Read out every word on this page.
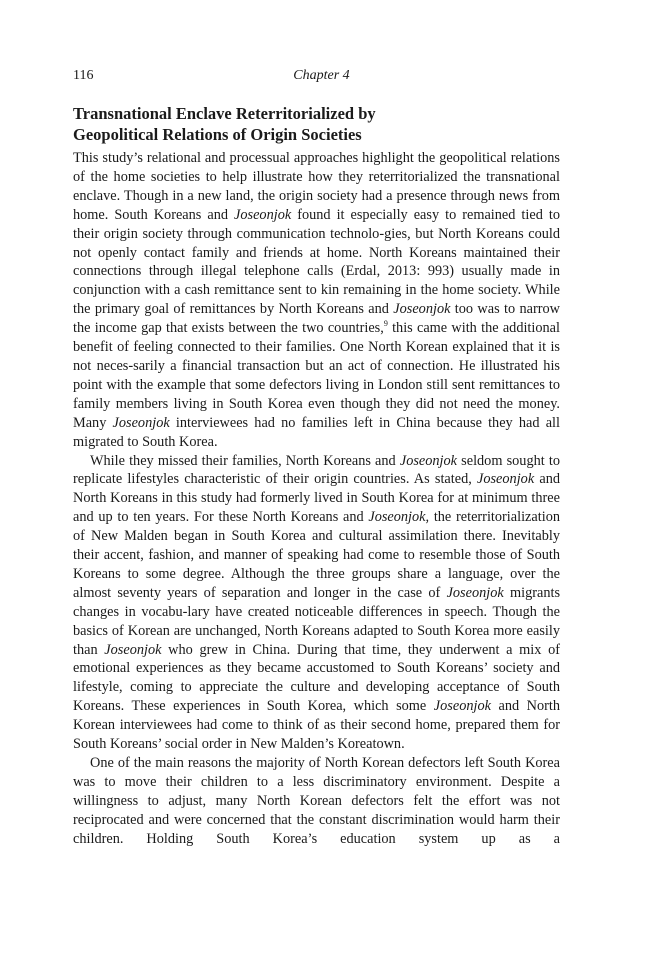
116	Chapter 4
Transnational Enclave Reterritorialized by
Geopolitical Relations of Origin Societies

This study’s relational and processual approaches highlight the geopolitical relations of the home societies to help illustrate how they reterritorialized the transnational enclave. Though in a new land, the origin society had a presence through news from home. South Koreans and Joseonjok found it especially easy to remained tied to their origin society through communication technolo-gies, but North Koreans could not openly contact family and friends at home. North Koreans maintained their connections through illegal telephone calls (Erdal, 2013: 993) usually made in conjunction with a cash remittance sent to kin remaining in the home society. While the primary goal of remittances by North Koreans and Joseonjok too was to narrow the income gap that exists between the two countries,$^9$ this came with the additional benefit of feeling connected to their families. One North Korean explained that it is not neces-sarily a financial transaction but an act of connection. He illustrated his point with the example that some defectors living in London still sent remittances to family members living in South Korea even though they did not need the money. Many Joseonjok interviewees had no families left in China because they had all migrated to South Korea.

While they missed their families, North Koreans and Joseonjok seldom sought to replicate lifestyles characteristic of their origin countries. As stated, Joseonjok and North Koreans in this study had formerly lived in South Korea for at minimum three and up to ten years. For these North Koreans and Joseonjok, the reterritorialization of New Malden began in South Korea and cultural assimilation there. Inevitably their accent, fashion, and manner of speaking had come to resemble those of South Koreans to some degree. Although the three groups share a language, over the almost seventy years of separation and longer in the case of Joseonjok migrants changes in vocabu-lary have created noticeable differences in speech. Though the basics of Korean are unchanged, North Koreans adapted to South Korea more easily than Joseonjok who grew in China. During that time, they underwent a mix of emotional experiences as they became accustomed to South Koreans’ society and lifestyle, coming to appreciate the culture and developing acceptance of South Koreans. These experiences in South Korea, which some Joseonjok and North Korean interviewees had come to think of as their second home, prepared them for South Koreans’ social order in New Malden’s Koreatown.

One of the main reasons the majority of North Korean defectors left South Korea was to move their children to a less discriminatory environment. Despite a willingness to adjust, many North Korean defectors felt the effort was not reciprocated and were concerned that the constant discrimination would harm their children. Holding South Korea’s education system up as a
